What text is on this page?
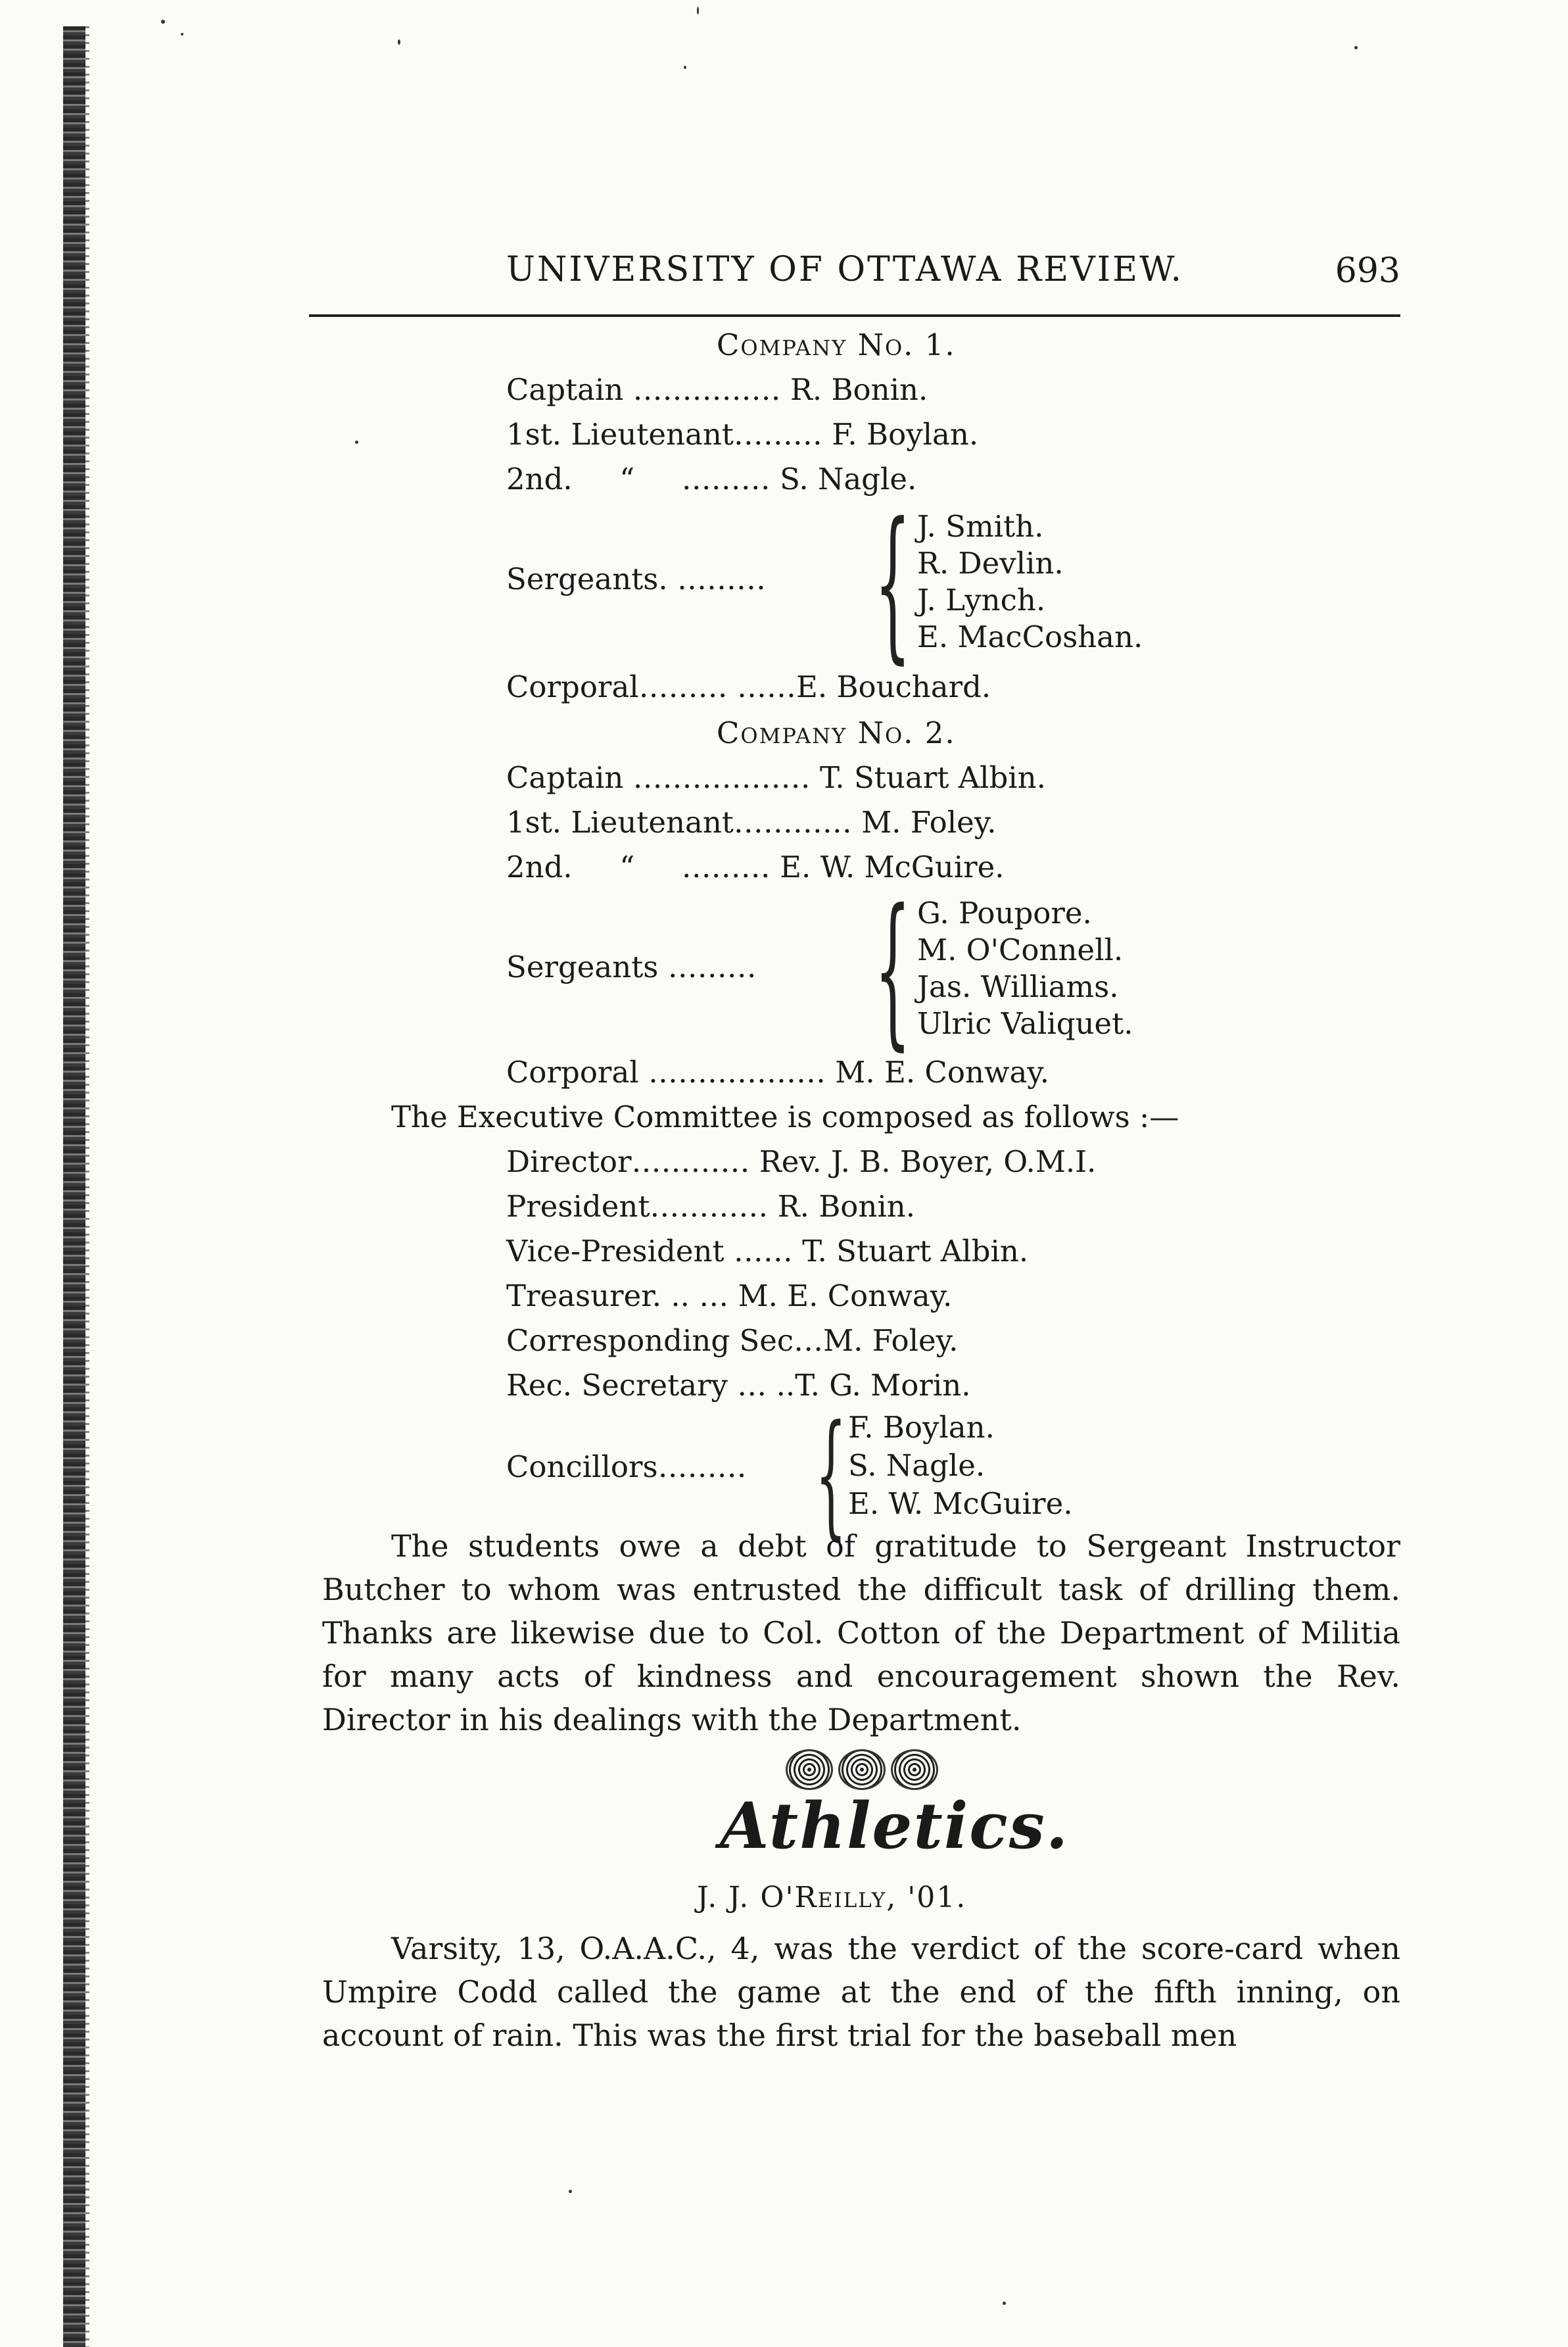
UNIVERSITY OF OTTAWA REVIEW.	693
Company No. 1.
Captain …………… R. Bonin.
1st. Lieutenant……… F. Boylan.
2nd. “     ……… S. Nagle.
Sergeants. ……… { J. Smith.
R. Devlin.
J. Lynch.
E. MacCoshan.
Corporal……… ……E. Bouchard.
Company No. 2.
Captain ……………… T. Stuart Albin.
1st. Lieutenant………… M. Foley.
2nd. “     ……… E. W. McGuire.
Sergeants ……… { G. Poupore.
M. O'Connell.
Jas. Williams.
Ulric Valiquet.
Corporal ……………… M. E. Conway.
The Executive Committee is composed as follows :—
Director………… Rev. J. B. Boyer, O.M.I.
President………… R. Bonin.
Vice-President …… T. Stuart Albin.
Treasurer. .. … M. E. Conway.
Corresponding Sec…M. Foley.
Rec. Secretary … ..T. G. Morin.
Concillors……… { F. Boylan.
S. Nagle.
E. W. McGuire.

The students owe a debt of gratitude to Sergeant Instructor Butcher to whom was entrusted the difficult task of drilling them. Thanks are likewise due to Col. Cotton of the Department of Militia for many acts of kindness and encouragement shown the Rev. Director in his dealings with the Department.

Athletics.
J. J. O'Reilly, '01.

Varsity, 13, O.A.A.C., 4, was the verdict of the score-card when Umpire Codd called the game at the end of the fifth inning, on account of rain. This was the first trial for the baseball men
